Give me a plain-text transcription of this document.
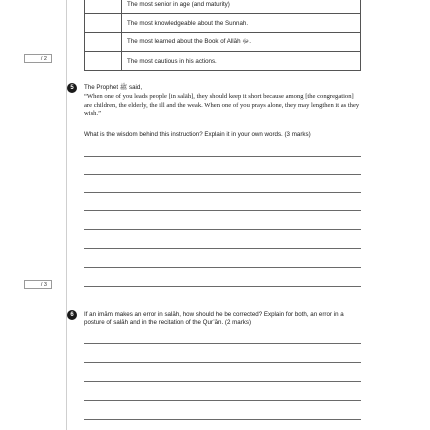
	The most senior in age (and maturity)
	The most knowledgeable about the Sunnah.
	The most learned about the Book of Allāh ﷻ.
	The most cautious in his actions.
/ 2
5	The Prophet ﷺ said,
“When one of you leads people [in salāh], they should keep it short because among [the congregation] are children, the elderly, the ill and the weak. When one of you prays alone, they may lengthen it as they wish.”
What is the wisdom behind this instruction? Explain it in your own words. (3 marks)
/ 3
6	If an imām makes an error in salāh, how should he be corrected? Explain for both, an error in a posture of salāh and in the recitation of the Qur’ān. (2 marks)
